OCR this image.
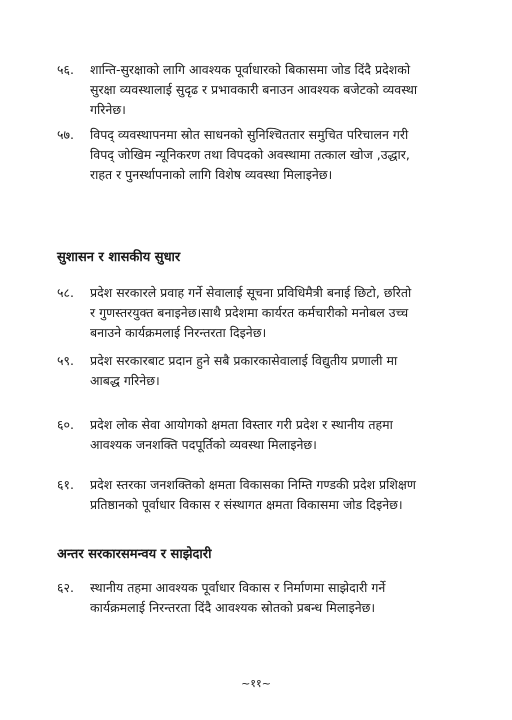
५६. शान्ति-सुरक्षाको लागि आवश्यक पूर्वाधारको बिकासमा जोड दिंदै प्रदेशको
सुरक्षा व्यवस्थालाई सुदृढ र प्रभावकारी बनाउन आवश्यक बजेटको व्यवस्था
गरिनेछ।
५७. विपद् व्यवस्थापनमा स्रोत साधनको सुनिश्चिततार समुचित परिचालन गरी
विपद् जोखिम न्यूनिकरण तथा विपदको अवस्थामा तत्काल खोज ,उद्धार,
राहत र पुनर्स्थापनाको लागि विशेष व्यवस्था मिलाइनेछ।
सुशासन र शासकीय सुधार
५८. प्रदेश सरकारले प्रवाह गर्ने सेवालाई सूचना प्रविधिमैत्री बनाई छिटो, छरितो
र गुणस्तरयुक्त बनाइनेछ।साथै प्रदेशमा कार्यरत कर्मचारीको मनोबल उच्च
बनाउने कार्यक्रमलाई निरन्तरता दिइनेछ।
५९. प्रदेश सरकारबाट प्रदान हुने सबै प्रकारकासेवालाई विद्युतीय प्रणाली मा
आबद्ध गरिनेछ।
६०. प्रदेश लोक सेवा आयोगको क्षमता विस्तार गरी प्रदेश र स्थानीय तहमा
आवश्यक जनशक्ति पदपूर्तिको व्यवस्था मिलाइनेछ।
६१. प्रदेश स्तरका जनशक्तिको क्षमता विकासका निम्ति गण्डकी प्रदेश प्रशिक्षण
प्रतिष्ठानको पूर्वाधार विकास र संस्थागत क्षमता विकासमा जोड दिइनेछ।
अन्तर सरकारसमन्वय र साझेदारी
६२. स्थानीय तहमा आवश्यक पूर्वाधार विकास र निर्माणमा साझेदारी गर्ने
कार्यक्रमलाई निरन्तरता दिंदै आवश्यक स्रोतको प्रबन्ध मिलाइनेछ।
~११~
